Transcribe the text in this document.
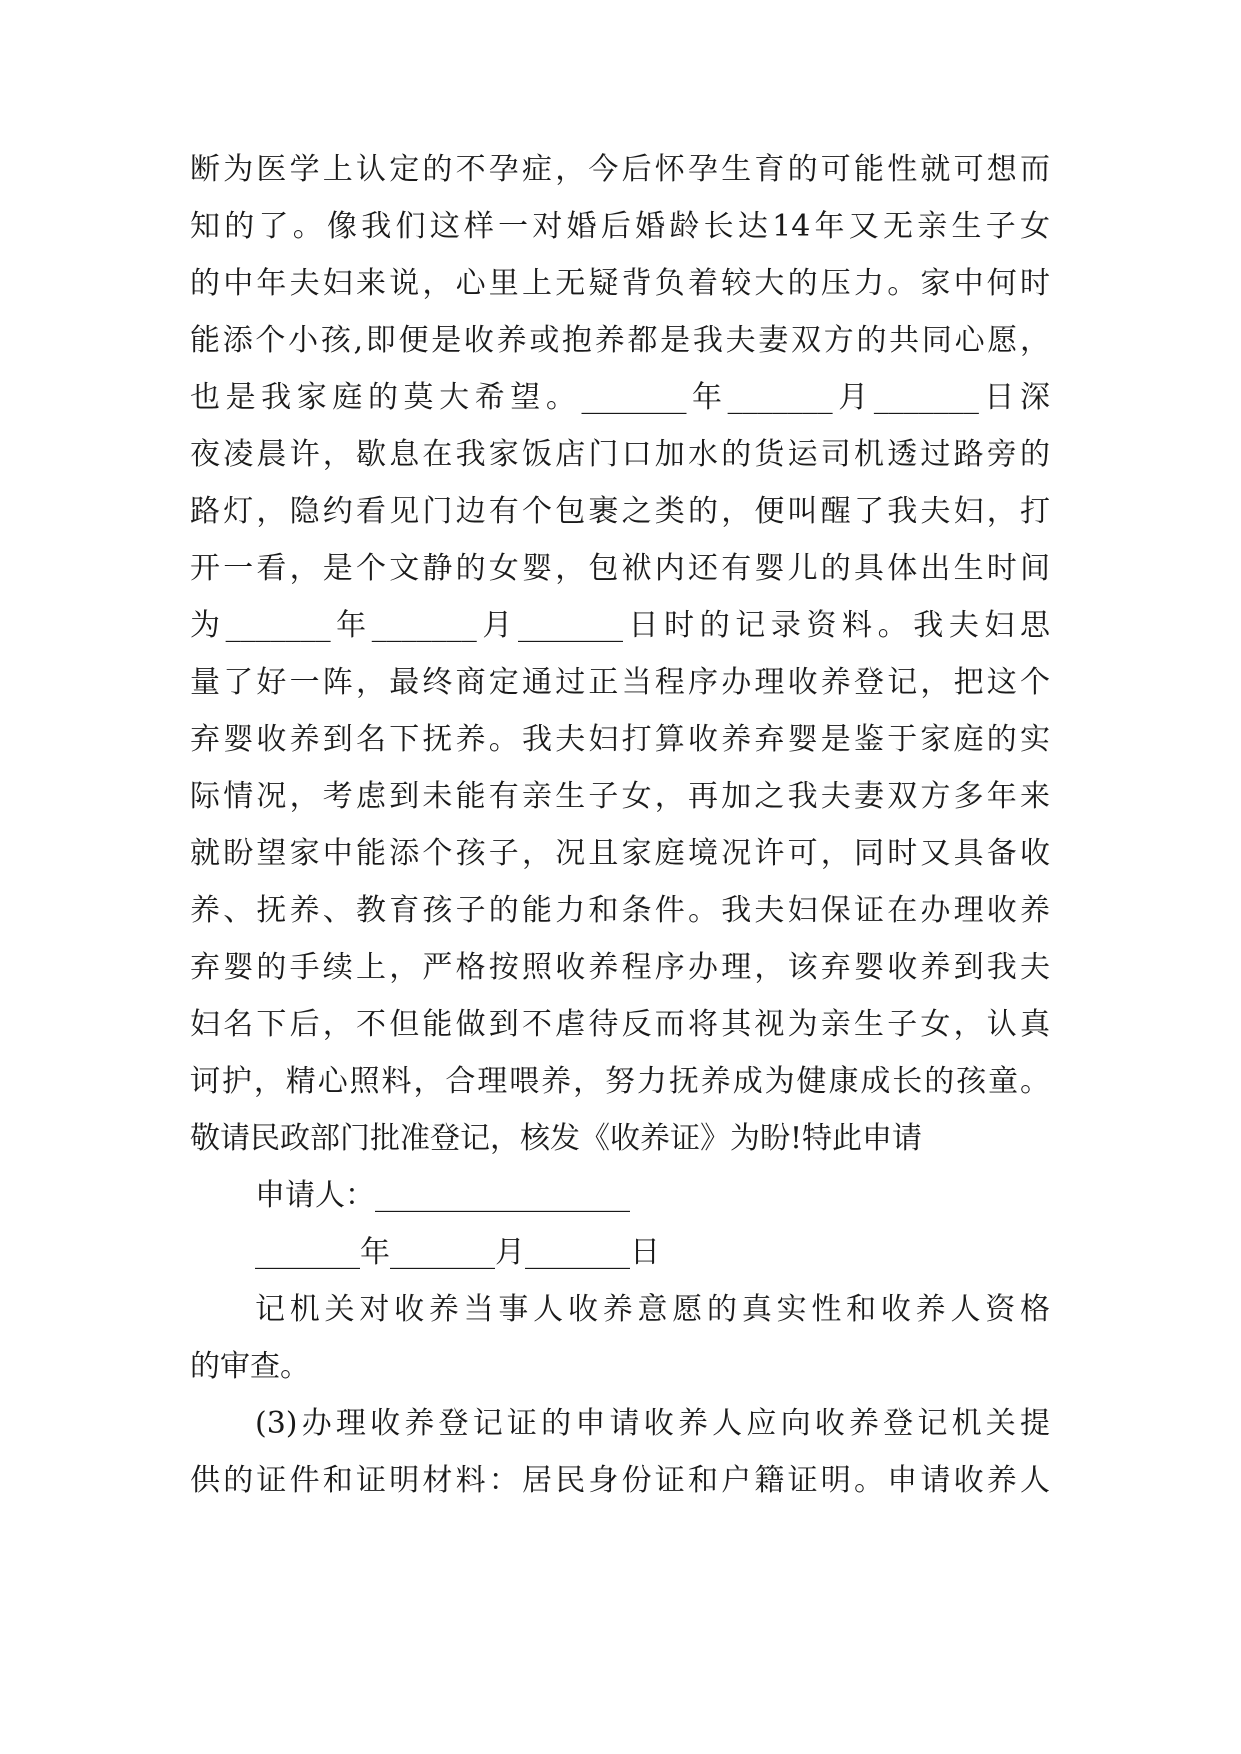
断为医学上认定的不孕症，今后怀孕生育的可能性就可想而
知的了。像我们这样一对婚后婚龄长达14年又无亲生子女
的中年夫妇来说，心里上无疑背负着较大的压力。家中何时
能添个小孩,即便是收养或抱养都是我夫妻双方的共同心愿，
也是我家庭的莫大希望。_______年_______月_______日深
夜凌晨许，歇息在我家饭店门口加水的货运司机透过路旁的
路灯，隐约看见门边有个包裹之类的，便叫醒了我夫妇，打
开一看，是个文静的女婴，包袱内还有婴儿的具体出生时间
为_______年_______月_______日时的记录资料。我夫妇思
量了好一阵，最终商定通过正当程序办理收养登记，把这个
弃婴收养到名下抚养。我夫妇打算收养弃婴是鉴于家庭的实
际情况，考虑到未能有亲生子女，再加之我夫妻双方多年来
就盼望家中能添个孩子，况且家庭境况许可，同时又具备收
养、抚养、教育孩子的能力和条件。我夫妇保证在办理收养
弃婴的手续上，严格按照收养程序办理，该弃婴收养到我夫
妇名下后，不但能做到不虐待反而将其视为亲生子女，认真
诃护，精心照料，合理喂养，努力抚养成为健康成长的孩童。
敬请民政部门批准登记，核发《收养证》为盼!特此申请
申请人：_________________
_______年_______月_______日
记机关对收养当事人收养意愿的真实性和收养人资格
的审查。
(3)办理收养登记证的申请收养人应向收养登记机关提
供的证件和证明材料：居民身份证和户籍证明。申请收养人
